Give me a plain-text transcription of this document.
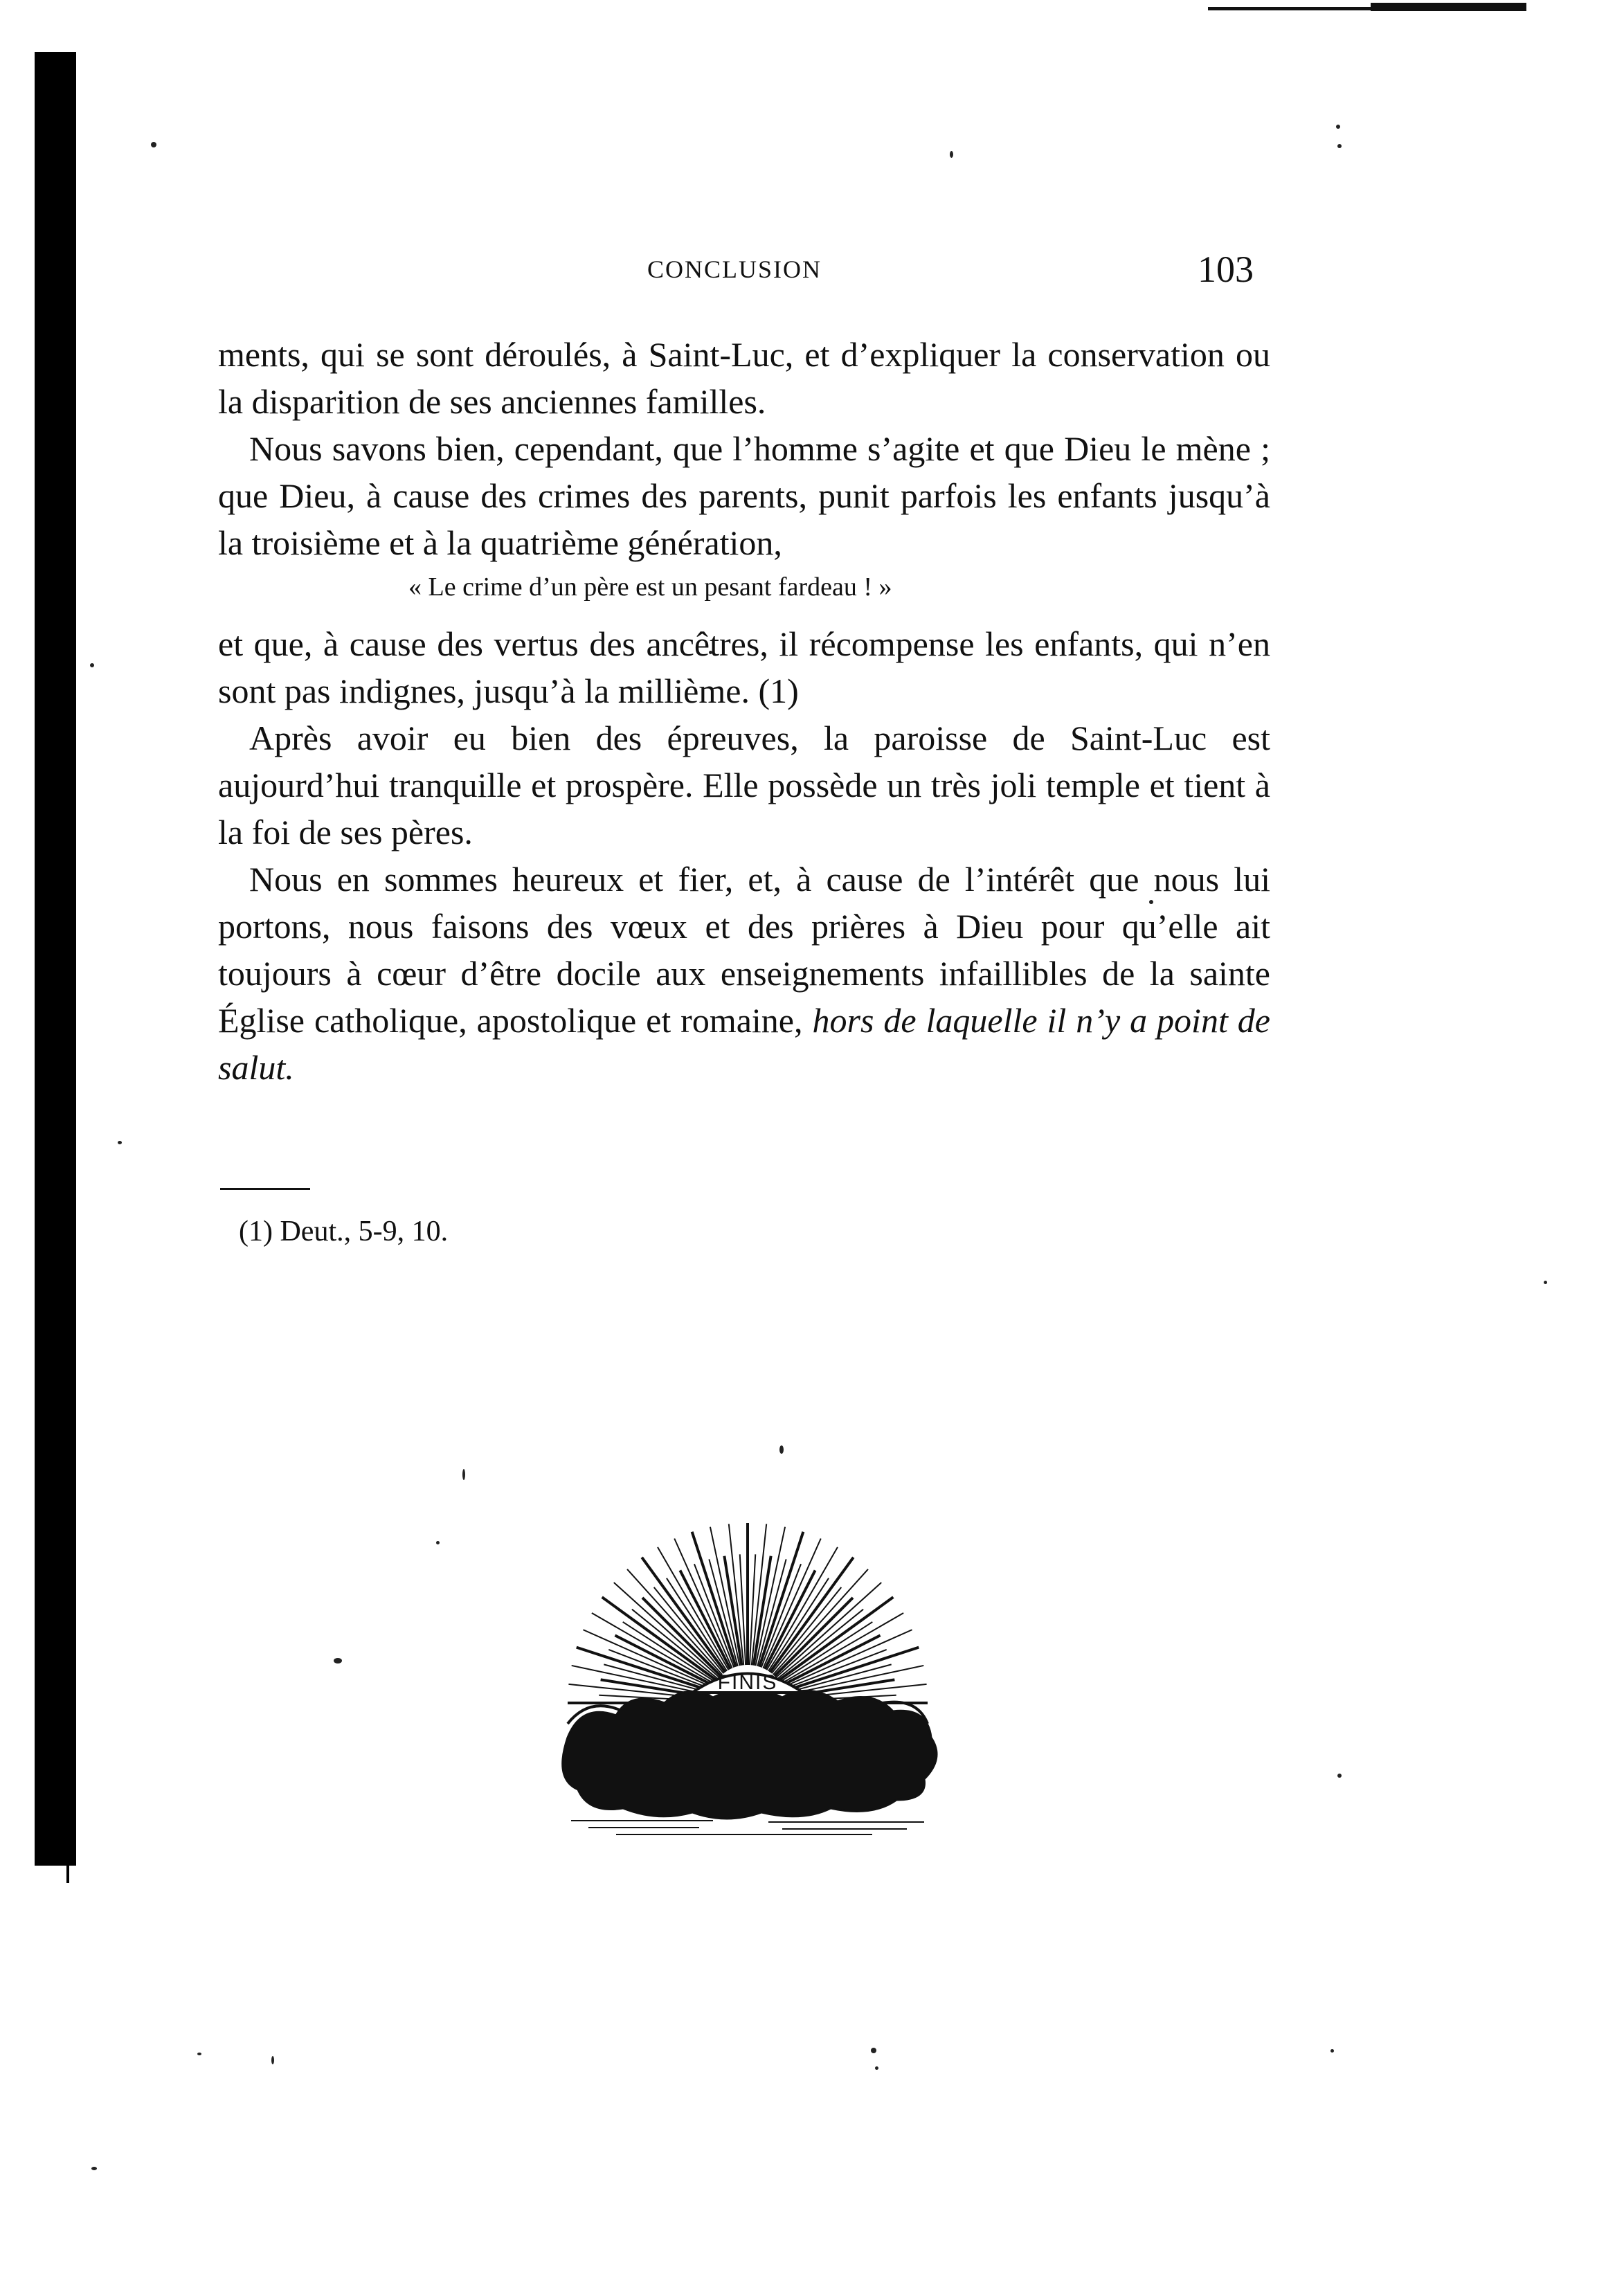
CONCLUSION	103

ments, qui se sont déroulés, à Saint-Luc, et d’expliquer la conservation ou la disparition de ses anciennes familles.

Nous savons bien, cependant, que l’homme s’agite et que Dieu le mène ; que Dieu, à cause des crimes des parents, punit parfois les enfants jusqu’à la troisième et à la quatrième génération,

« Le crime d’un père est un pesant fardeau ! »

et que, à cause des vertus des ancêtres, il récompense les enfants, qui n’en sont pas indignes, jusqu’à la millième. (1)

Après avoir eu bien des épreuves, la paroisse de Saint-Luc est aujourd’hui tranquille et prospère. Elle possède un très joli temple et tient à la foi de ses pères.

Nous en sommes heureux et fier, et, à cause de l’intérêt que nous lui portons, nous faisons des vœux et des prières à Dieu pour qu’elle ait toujours à cœur d’être docile aux enseignements infaillibles de la sainte Église catholique, apostolique et romaine, hors de laquelle il n’y a point de salut.

(1) Deut., 5-9, 10.
FINIS
